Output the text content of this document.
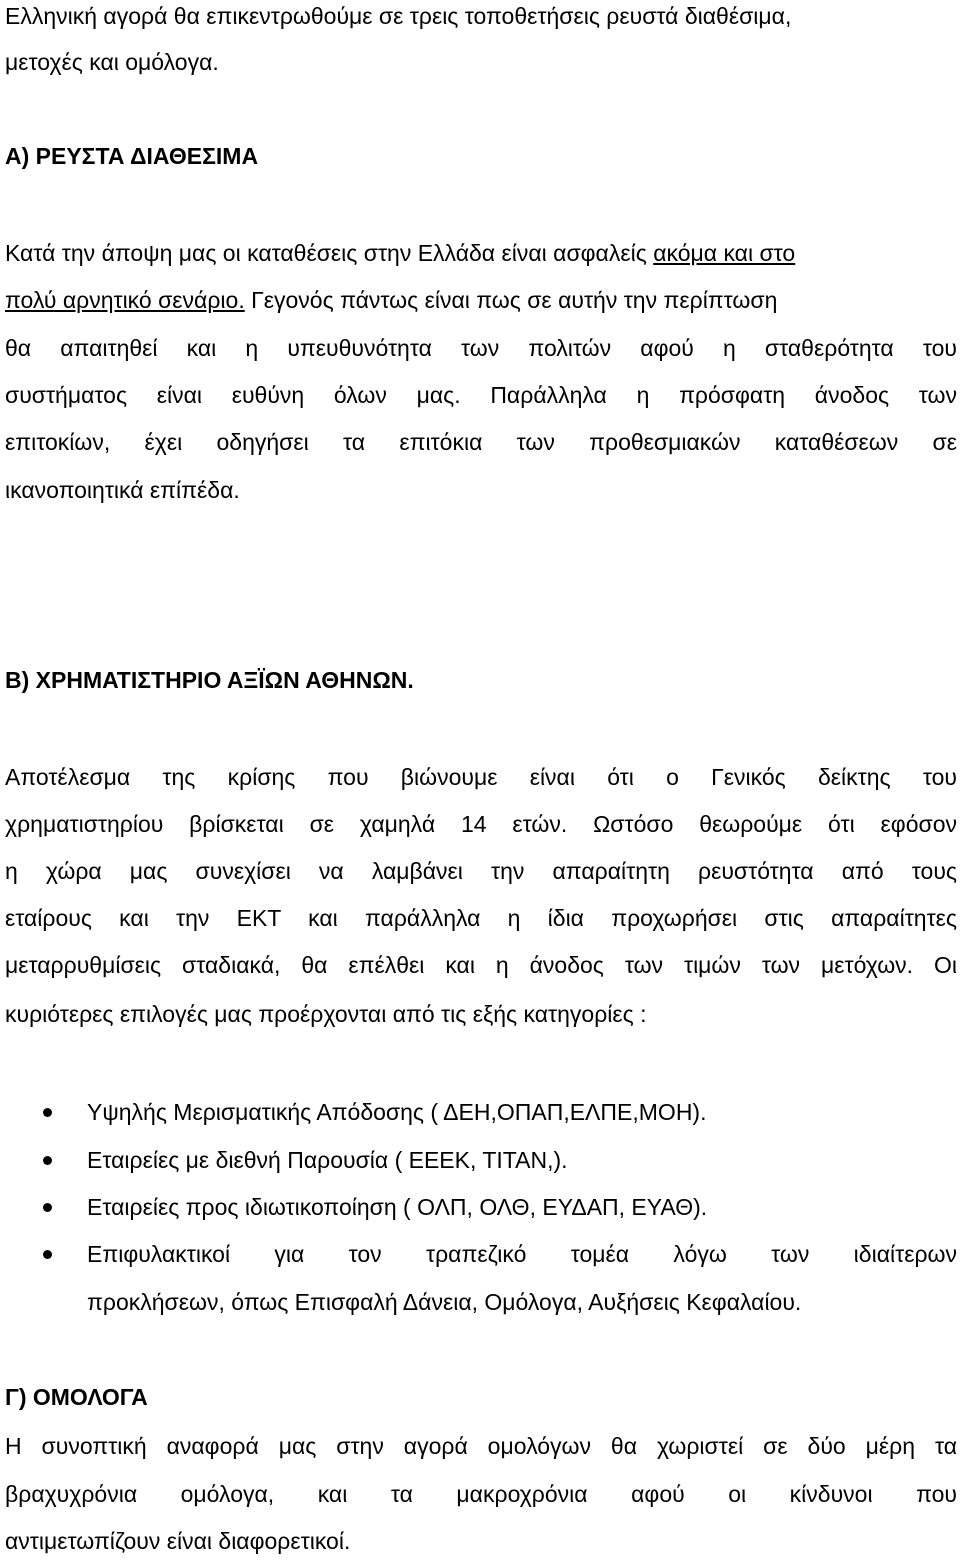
Ελληνική αγορά θα επικεντρωθούμε σε τρεις τοποθετήσεις ρευστά διαθέσιμα,
μετοχές και ομόλογα.
Α) ΡΕΥΣΤΑ ΔΙΑΘΕΣΙΜΑ
Κατά την άποψη μας οι καταθέσεις στην Ελλάδα είναι ασφαλείς ακόμα και στο
πολύ αρνητικό σενάριο. Γεγονός πάντως είναι πως σε αυτήν την περίπτωση
θα απαιτηθεί και η υπευθυνότητα των πολιτών αφού η σταθερότητα του
συστήματος είναι ευθύνη όλων μας. Παράλληλα η πρόσφατη άνοδος των
επιτοκίων, έχει οδηγήσει τα επιτόκια των προθεσμιακών καταθέσεων σε
ικανοποιητικά επίπέδα.
Β) ΧΡΗΜΑΤΙΣΤΗΡΙΟ ΑΞΪΩΝ ΑΘΗΝΩΝ.
Αποτέλεσμα της κρίσης που βιώνουμε είναι ότι ο Γενικός δείκτης του
χρηματιστηρίου βρίσκεται σε χαμηλά 14 ετών. Ωστόσο θεωρούμε ότι εφόσον
η χώρα μας συνεχίσει να λαμβάνει την απαραίτητη ρευστότητα από τους
εταίρους και την ΕΚΤ και παράλληλα η ίδια προχωρήσει στις απαραίτητες
μεταρρυθμίσεις σταδιακά, θα επέλθει και η άνοδος των τιμών των μετόχων. Οι
κυριότερες επιλογές μας προέρχονται από τις εξής κατηγορίες :
Υψηλής Μερισματικής Απόδοσης ( ΔΕΗ,ΟΠΑΠ,ΕΛΠΕ,ΜΟΗ).
Εταιρείες με διεθνή Παρουσία ( ΕΕΕΚ, ΤΙΤΑΝ,).
Εταιρείες προς ιδιωτικοποίηση ( ΟΛΠ, ΟΛΘ, ΕΥΔΑΠ, ΕΥΑΘ).
Επιφυλακτικοί για τον τραπεζικό τομέα λόγω των ιδιαίτερων
προκλήσεων, όπως Επισφαλή Δάνεια, Ομόλογα, Αυξήσεις Κεφαλαίου.
Γ) ΟΜΟΛΟΓΑ
Η συνοπτική αναφορά μας στην αγορά ομολόγων θα χωριστεί σε δύο μέρη τα
βραχυχρόνια ομόλογα, και τα μακροχρόνια αφού οι κίνδυνοι που
αντιμετωπίζουν είναι διαφορετικοί.
